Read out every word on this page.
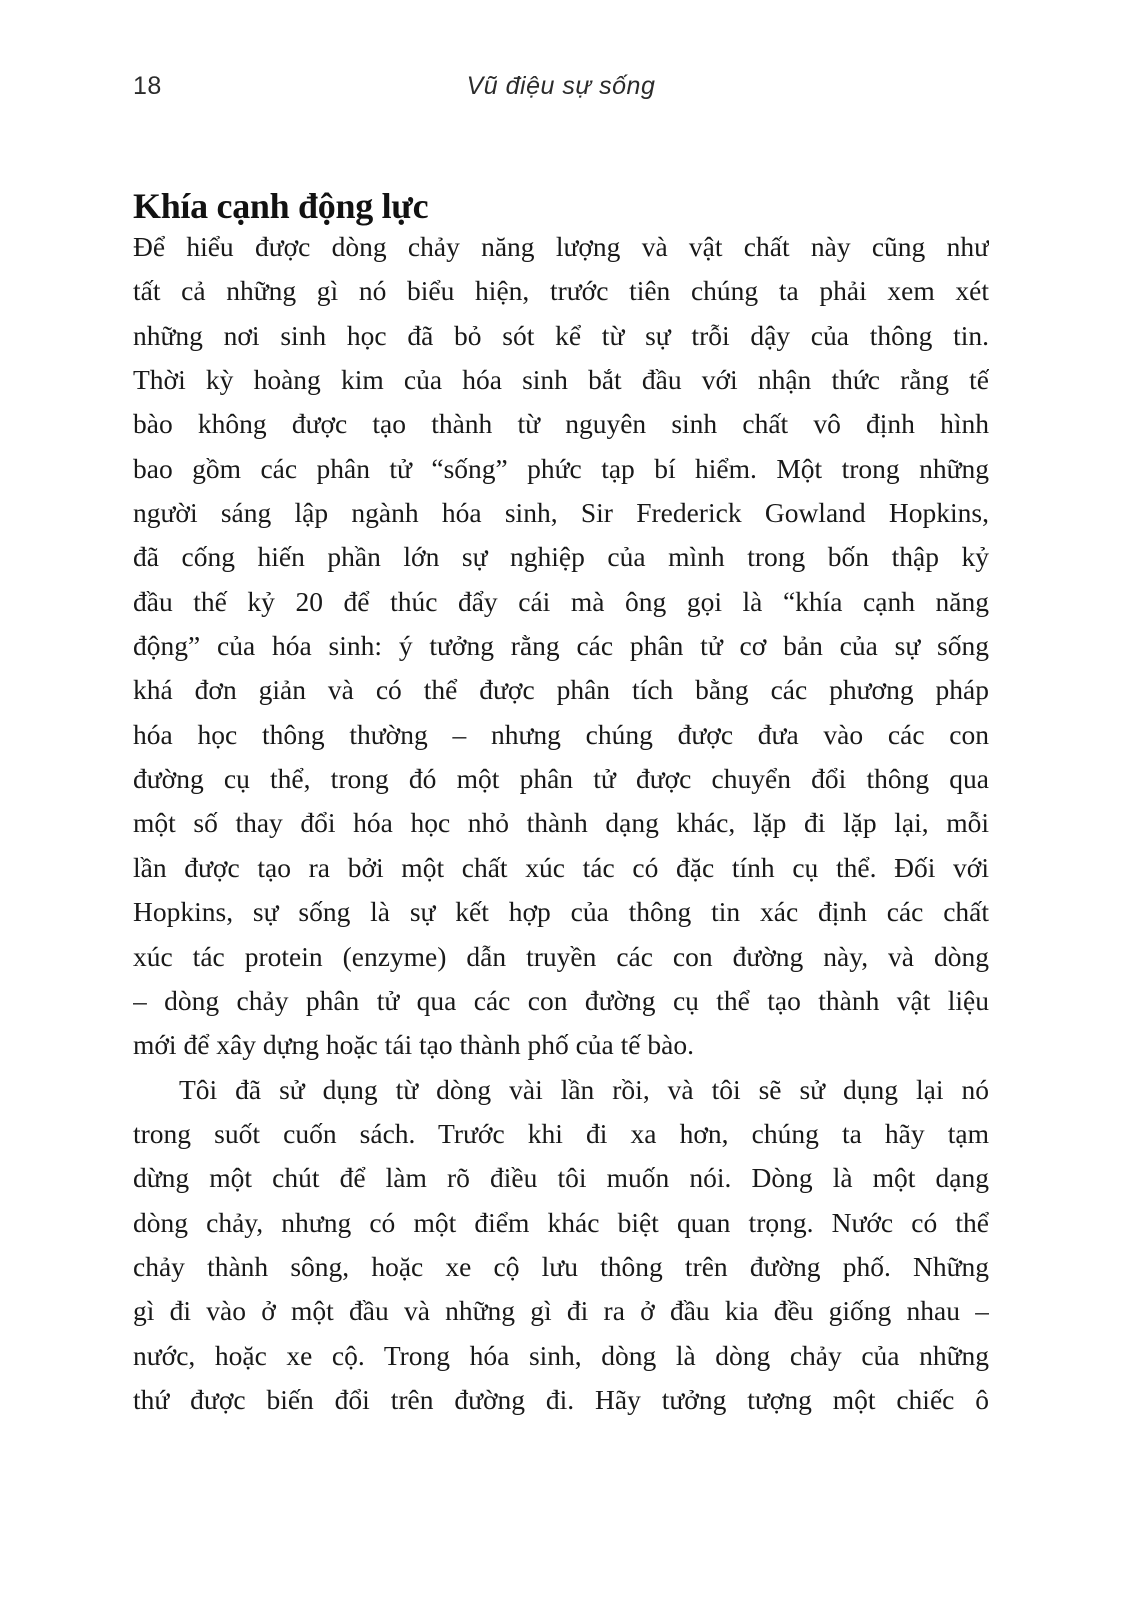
18	Vũ điệu sự sống
Khía cạnh động lực
Để hiểu được dòng chảy năng lượng và vật chất này cũng như
tất cả những gì nó biểu hiện, trước tiên chúng ta phải xem xét
những nơi sinh học đã bỏ sót kể từ sự trỗi dậy của thông tin.
Thời kỳ hoàng kim của hóa sinh bắt đầu với nhận thức rằng tế
bào không được tạo thành từ nguyên sinh chất vô định hình
bao gồm các phân tử “sống” phức tạp bí hiểm. Một trong những
người sáng lập ngành hóa sinh, Sir Frederick Gowland Hopkins,
đã cống hiến phần lớn sự nghiệp của mình trong bốn thập kỷ
đầu thế kỷ 20 để thúc đẩy cái mà ông gọi là “khía cạnh năng
động” của hóa sinh: ý tưởng rằng các phân tử cơ bản của sự sống
khá đơn giản và có thể được phân tích bằng các phương pháp
hóa học thông thường – nhưng chúng được đưa vào các con
đường cụ thể, trong đó một phân tử được chuyển đổi thông qua
một số thay đổi hóa học nhỏ thành dạng khác, lặp đi lặp lại, mỗi
lần được tạo ra bởi một chất xúc tác có đặc tính cụ thể. Đối với
Hopkins, sự sống là sự kết hợp của thông tin xác định các chất
xúc tác protein (enzyme) dẫn truyền các con đường này, và dòng
– dòng chảy phân tử qua các con đường cụ thể tạo thành vật liệu
mới để xây dựng hoặc tái tạo thành phố của tế bào.
Tôi đã sử dụng từ dòng vài lần rồi, và tôi sẽ sử dụng lại nó
trong suốt cuốn sách. Trước khi đi xa hơn, chúng ta hãy tạm
dừng một chút để làm rõ điều tôi muốn nói. Dòng là một dạng
dòng chảy, nhưng có một điểm khác biệt quan trọng. Nước có thể
chảy thành sông, hoặc xe cộ lưu thông trên đường phố. Những
gì đi vào ở một đầu và những gì đi ra ở đầu kia đều giống nhau –
nước, hoặc xe cộ. Trong hóa sinh, dòng là dòng chảy của những
thứ được biến đổi trên đường đi. Hãy tưởng tượng một chiếc ô
